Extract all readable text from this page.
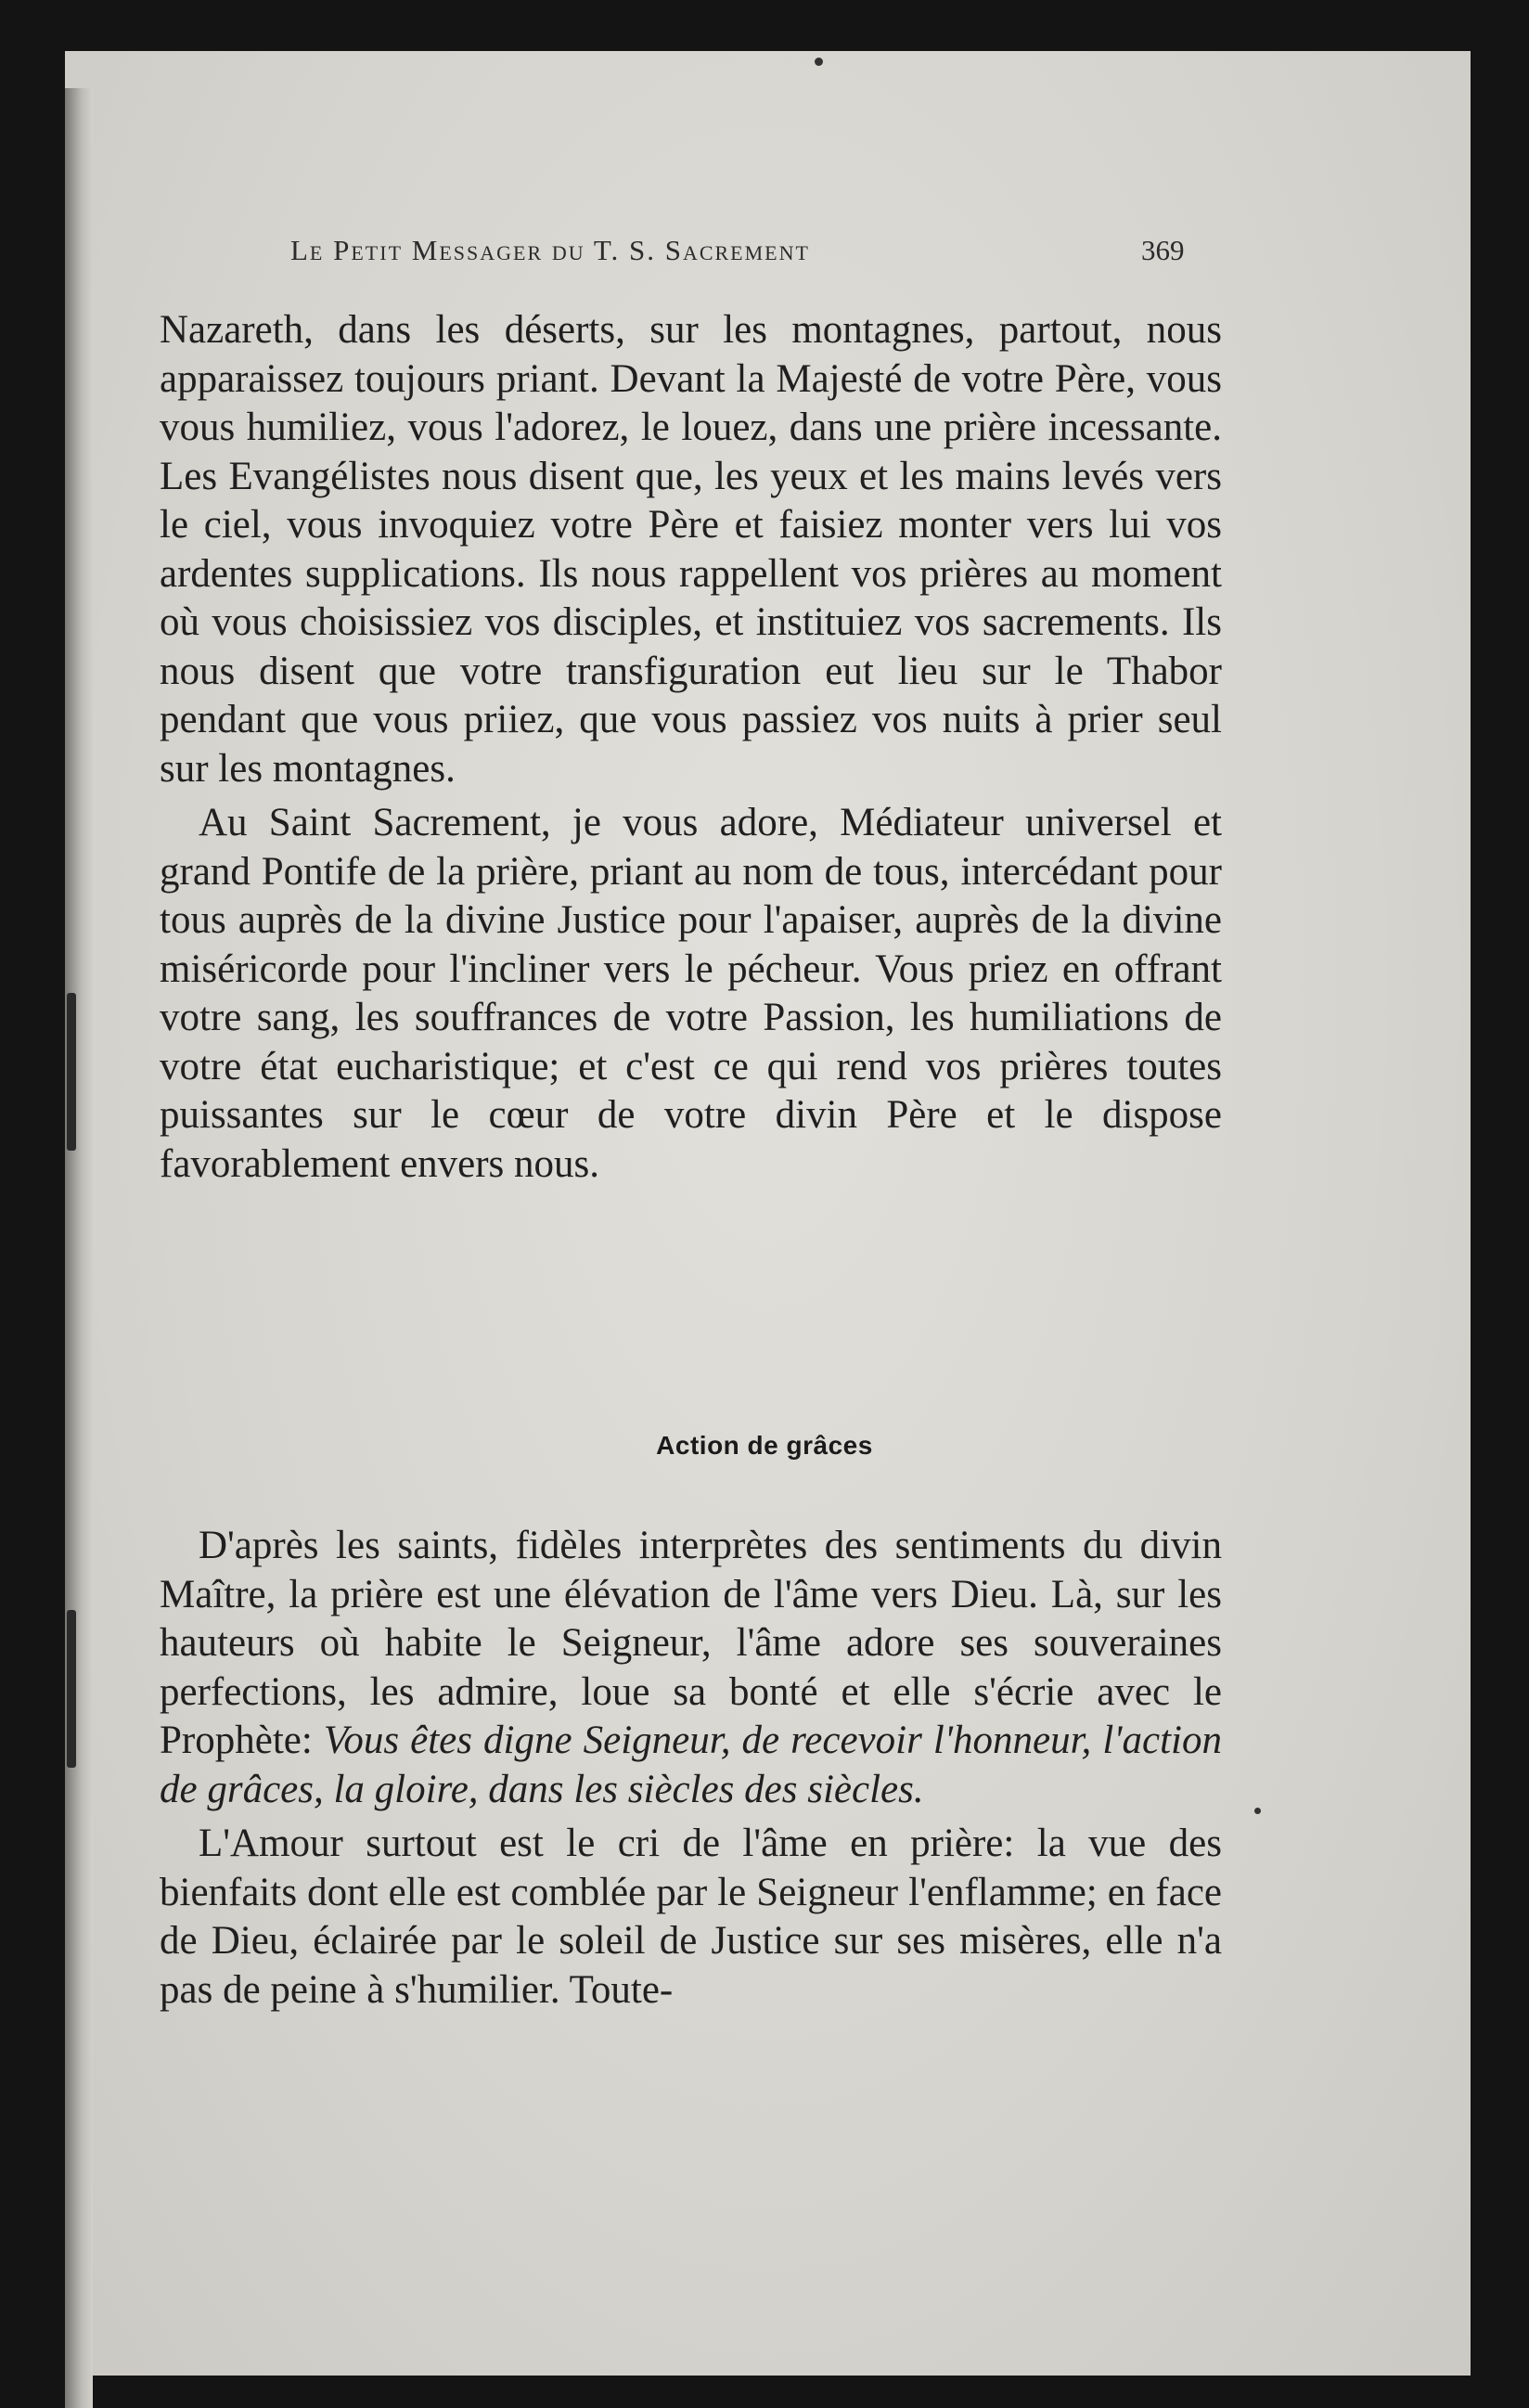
Le Petit Messager du T. S. Sacrement	369

Nazareth, dans les déserts, sur les montagnes, partout, nous apparaissez toujours priant. Devant la Majesté de votre Père, vous vous humiliez, vous l'adorez, le louez, dans une prière incessante. Les Evangélistes nous disent que, les yeux et les mains levés vers le ciel, vous invoquiez votre Père et faisiez monter vers lui vos ardentes supplications. Ils nous rappellent vos prières au moment où vous choisissiez vos disciples, et instituiez vos sacrements. Ils nous disent que votre transfiguration eut lieu sur le Thabor pendant que vous priiez, que vous passiez vos nuits à prier seul sur les montagnes.

Au Saint Sacrement, je vous adore, Médiateur universel et grand Pontife de la prière, priant au nom de tous, intercédant pour tous auprès de la divine Justice pour l'apaiser, auprès de la divine miséricorde pour l'incliner vers le pécheur. Vous priez en offrant votre sang, les souffrances de votre Passion, les humiliations de votre état eucharistique; et c'est ce qui rend vos prières toutes puissantes sur le cœur de votre divin Père et le dispose favorablement envers nous.

Action de grâces

D'après les saints, fidèles interprètes des sentiments du divin Maître, la prière est une élévation de l'âme vers Dieu. Là, sur les hauteurs où habite le Seigneur, l'âme adore ses souveraines perfections, les admire, loue sa bonté et elle s'écrie avec le Prophète: Vous êtes digne Seigneur, de recevoir l'honneur, l'action de grâces, la gloire, dans les siècles des siècles.

L'Amour surtout est le cri de l'âme en prière: la vue des bienfaits dont elle est comblée par le Seigneur l'enflamme; en face de Dieu, éclairée par le soleil de Justice sur ses misères, elle n'a pas de peine à s'humilier. Toute-
